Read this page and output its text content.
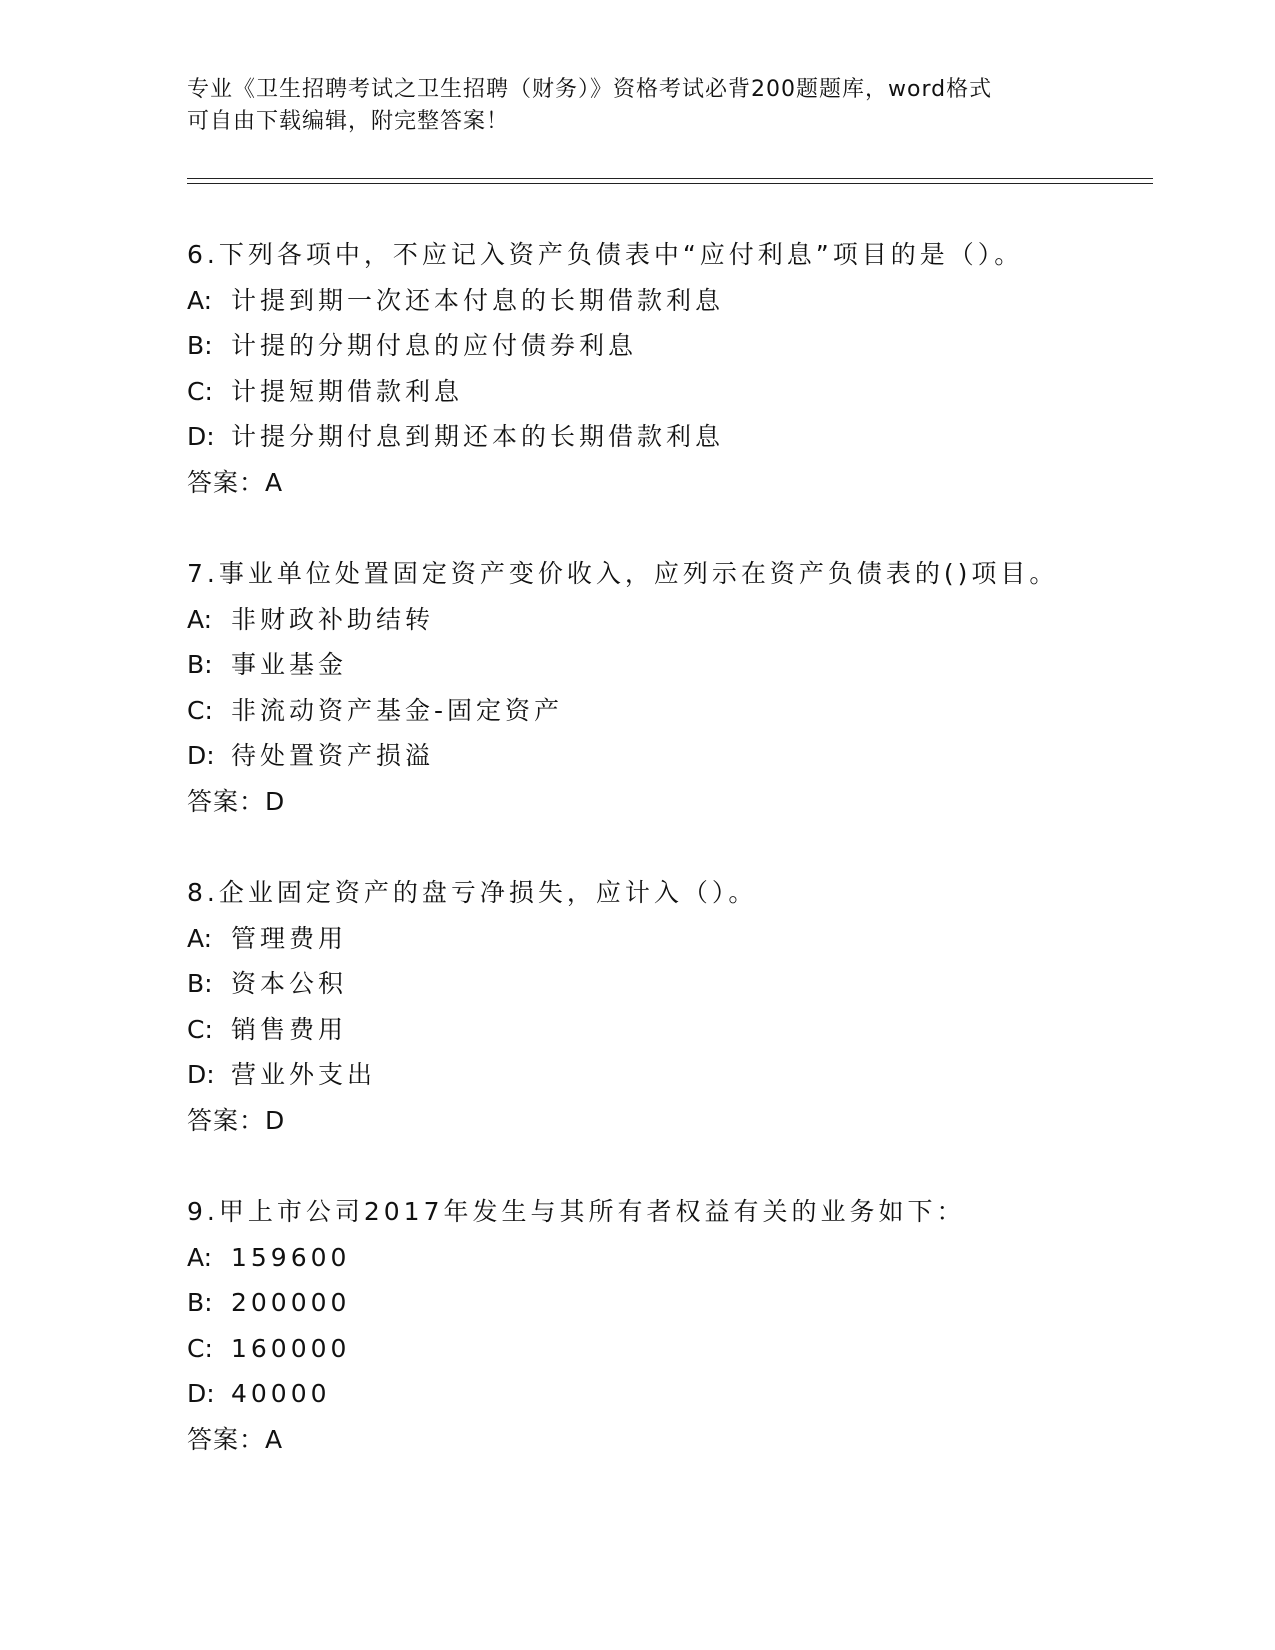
专业《卫生招聘考试之卫生招聘（财务）》资格考试必背200题题库，word格式
可自由下载编辑，附完整答案！
6.下列各项中，不应记入资产负债表中“应付利息”项目的是（）。
A: 计提到期一次还本付息的长期借款利息
B: 计提的分期付息的应付债券利息
C: 计提短期借款利息
D: 计提分期付息到期还本的长期借款利息
答案：A
7.事业单位处置固定资产变价收入，应列示在资产负债表的()项目。
A: 非财政补助结转
B: 事业基金
C: 非流动资产基金-固定资产
D: 待处置资产损溢
答案：D
8.企业固定资产的盘亏净损失，应计入（）。
A: 管理费用
B: 资本公积
C: 销售费用
D: 营业外支出
答案：D
9.甲上市公司2017年发生与其所有者权益有关的业务如下：
A: 159600
B: 200000
C: 160000
D: 40000
答案：A
